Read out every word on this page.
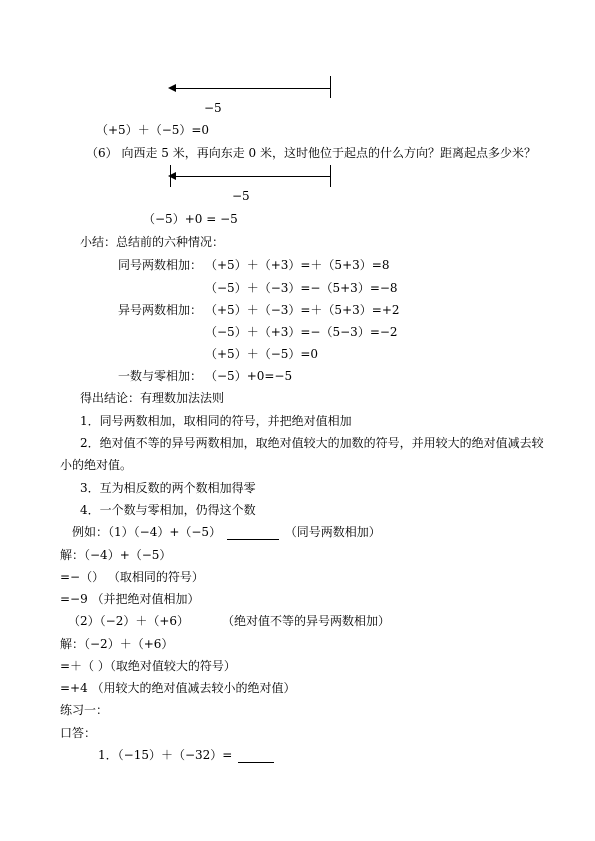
−5
（+5）＋（−5）=0
（6） 向西走 5 米，再向东走 0 米，这时他位于起点的什么方向？距离起点多少米？
−5
（−5）+0 = −5
小结：总结前的六种情况：
同号两数相加： （+5）＋（+3）=＋（5+3）=8
（−5）＋（−3）=−（5+3）=−8
异号两数相加： （+5）＋（−3）=＋（5+3）=+2
（−5）＋（+3）=−（5−3）=−2
（+5）＋（−5）=0
一数与零相加： （−5）+0=−5
得出结论：有理数加法法则
1．同号两数相加，取相同的符号，并把绝对值相加
2．绝对值不等的异号两数相加，取绝对值较大的加数的符号，并用较大的绝对值减去较
小的绝对值。
3．互为相反数的两个数相加得零
4．一个数与零相加，仍得这个数
例如：（1）（−4）+（−5）	（同号两数相加）
解：（−4）+（−5）
=−（） （取相同的符号）
=−9 （并把绝对值相加）
（2）（−2）＋（+6）	（绝对值不等的异号两数相加）
解：（−2）＋（+6）
=＋（ ）（取绝对值较大的符号）
=+4 （用较大的绝对值减去较小的绝对值）
练习一：
口答：
1．（−15）＋（−32）=
